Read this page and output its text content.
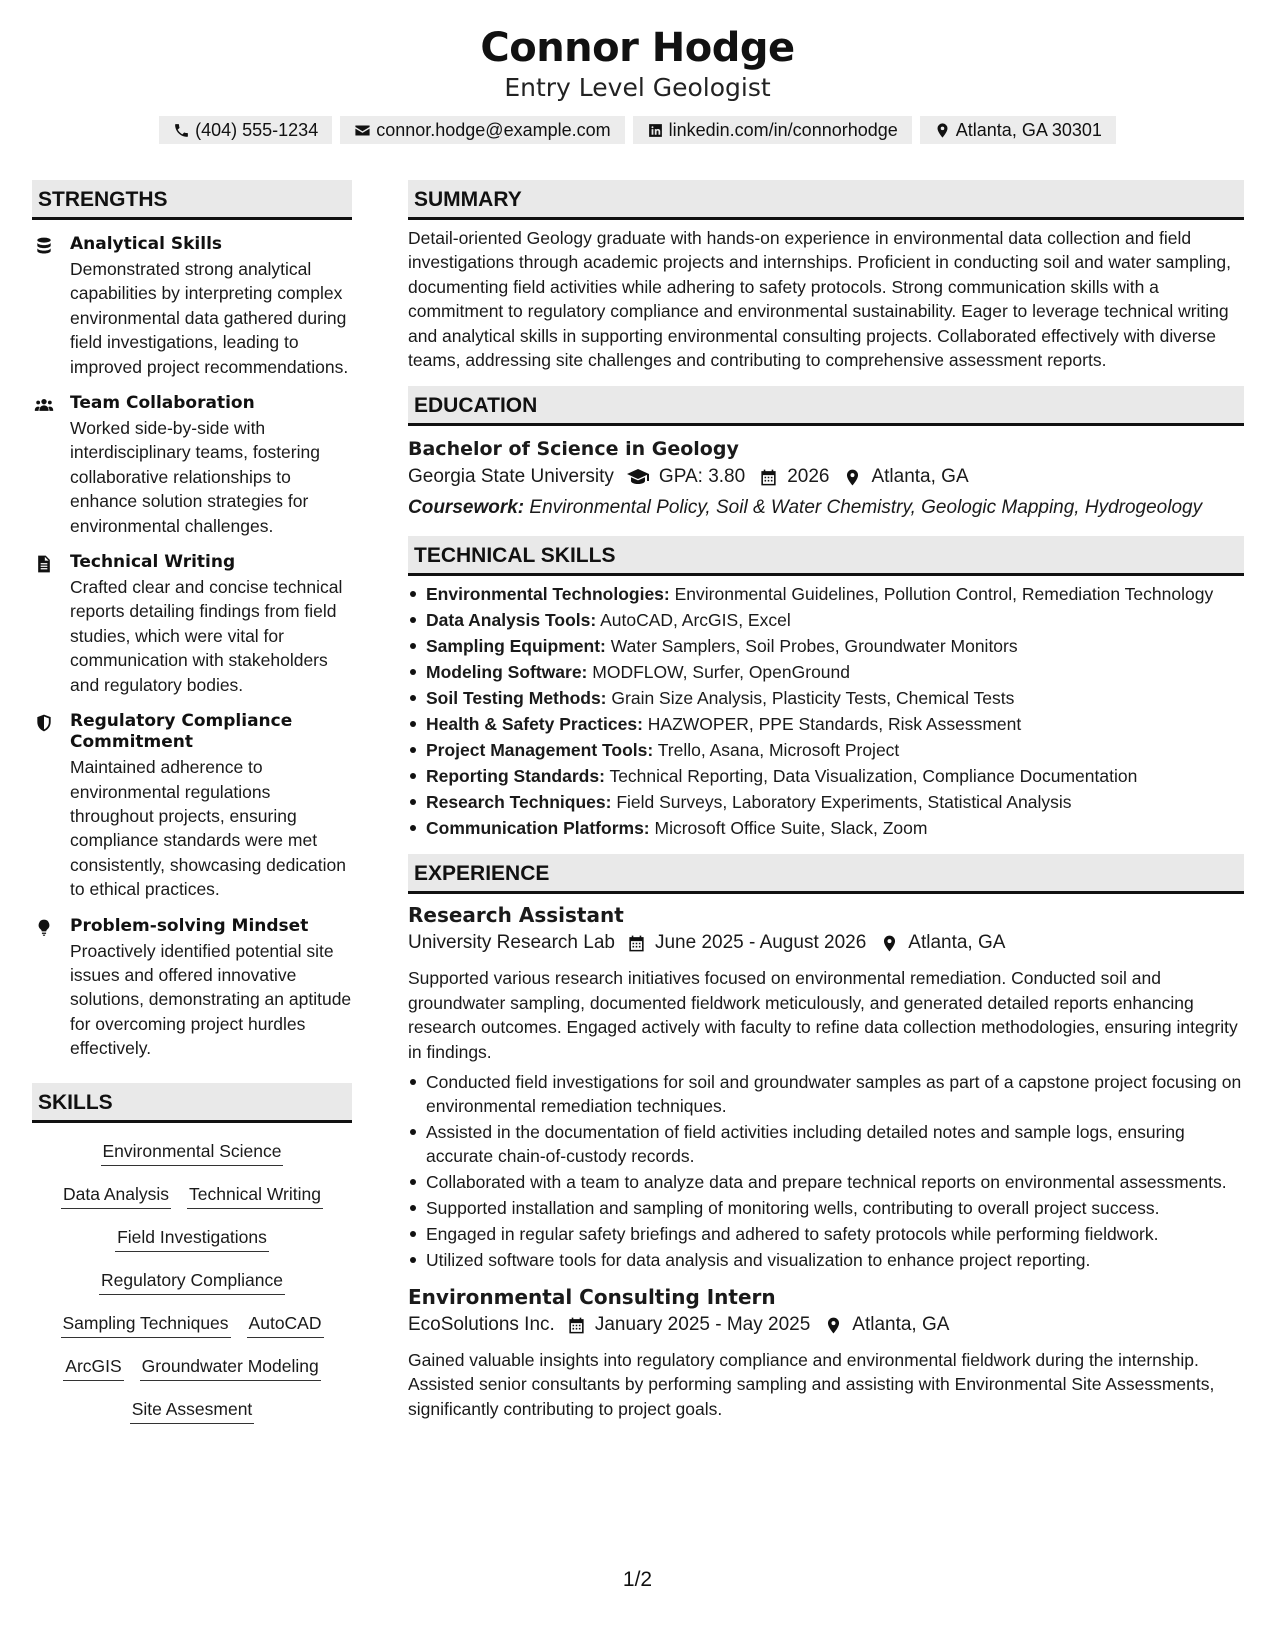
Connor Hodge
Entry Level Geologist
(404) 555-1234	connor.hodge@example.com	linkedin.com/in/connorhodge	Atlanta, GA 30301
STRENGTHS
Analytical Skills
Demonstrated strong analytical capabilities by interpreting complex environmental data gathered during field investigations, leading to improved project recommendations.
Team Collaboration
Worked side-by-side with interdisciplinary teams, fostering collaborative relationships to enhance solution strategies for environmental challenges.
Technical Writing
Crafted clear and concise technical reports detailing findings from field studies, which were vital for communication with stakeholders and regulatory bodies.
Regulatory Compliance Commitment
Maintained adherence to environmental regulations throughout projects, ensuring compliance standards were met consistently, showcasing dedication to ethical practices.
Problem-solving Mindset
Proactively identified potential site issues and offered innovative solutions, demonstrating an aptitude for overcoming project hurdles effectively.
SKILLS
Environmental Science
Data Analysis Technical Writing
Field Investigations
Regulatory Compliance
Sampling Techniques AutoCAD
ArcGIS Groundwater Modeling
Site Assesment
SUMMARY
Detail-oriented Geology graduate with hands-on experience in environmental data collection and field investigations through academic projects and internships. Proficient in conducting soil and water sampling, documenting field activities while adhering to safety protocols. Strong communication skills with a commitment to regulatory compliance and environmental sustainability. Eager to leverage technical writing and analytical skills in supporting environmental consulting projects. Collaborated effectively with diverse teams, addressing site challenges and contributing to comprehensive assessment reports.
EDUCATION
Bachelor of Science in Geology
Georgia State University GPA: 3.80 2026 Atlanta, GA
Coursework: Environmental Policy, Soil & Water Chemistry, Geologic Mapping, Hydrogeology
TECHNICAL SKILLS
Environmental Technologies: Environmental Guidelines, Pollution Control, Remediation Technology
Data Analysis Tools: AutoCAD, ArcGIS, Excel
Sampling Equipment: Water Samplers, Soil Probes, Groundwater Monitors
Modeling Software: MODFLOW, Surfer, OpenGround
Soil Testing Methods: Grain Size Analysis, Plasticity Tests, Chemical Tests
Health & Safety Practices: HAZWOPER, PPE Standards, Risk Assessment
Project Management Tools: Trello, Asana, Microsoft Project
Reporting Standards: Technical Reporting, Data Visualization, Compliance Documentation
Research Techniques: Field Surveys, Laboratory Experiments, Statistical Analysis
Communication Platforms: Microsoft Office Suite, Slack, Zoom
EXPERIENCE
Research Assistant
University Research Lab June 2025 - August 2026 Atlanta, GA
Supported various research initiatives focused on environmental remediation. Conducted soil and groundwater sampling, documented fieldwork meticulously, and generated detailed reports enhancing research outcomes. Engaged actively with faculty to refine data collection methodologies, ensuring integrity in findings.
Conducted field investigations for soil and groundwater samples as part of a capstone project focusing on environmental remediation techniques.
Assisted in the documentation of field activities including detailed notes and sample logs, ensuring accurate chain-of-custody records.
Collaborated with a team to analyze data and prepare technical reports on environmental assessments.
Supported installation and sampling of monitoring wells, contributing to overall project success.
Engaged in regular safety briefings and adhered to safety protocols while performing fieldwork.
Utilized software tools for data analysis and visualization to enhance project reporting.
Environmental Consulting Intern
EcoSolutions Inc. January 2025 - May 2025 Atlanta, GA
Gained valuable insights into regulatory compliance and environmental fieldwork during the internship. Assisted senior consultants by performing sampling and assisting with Environmental Site Assessments, significantly contributing to project goals.
1/2
